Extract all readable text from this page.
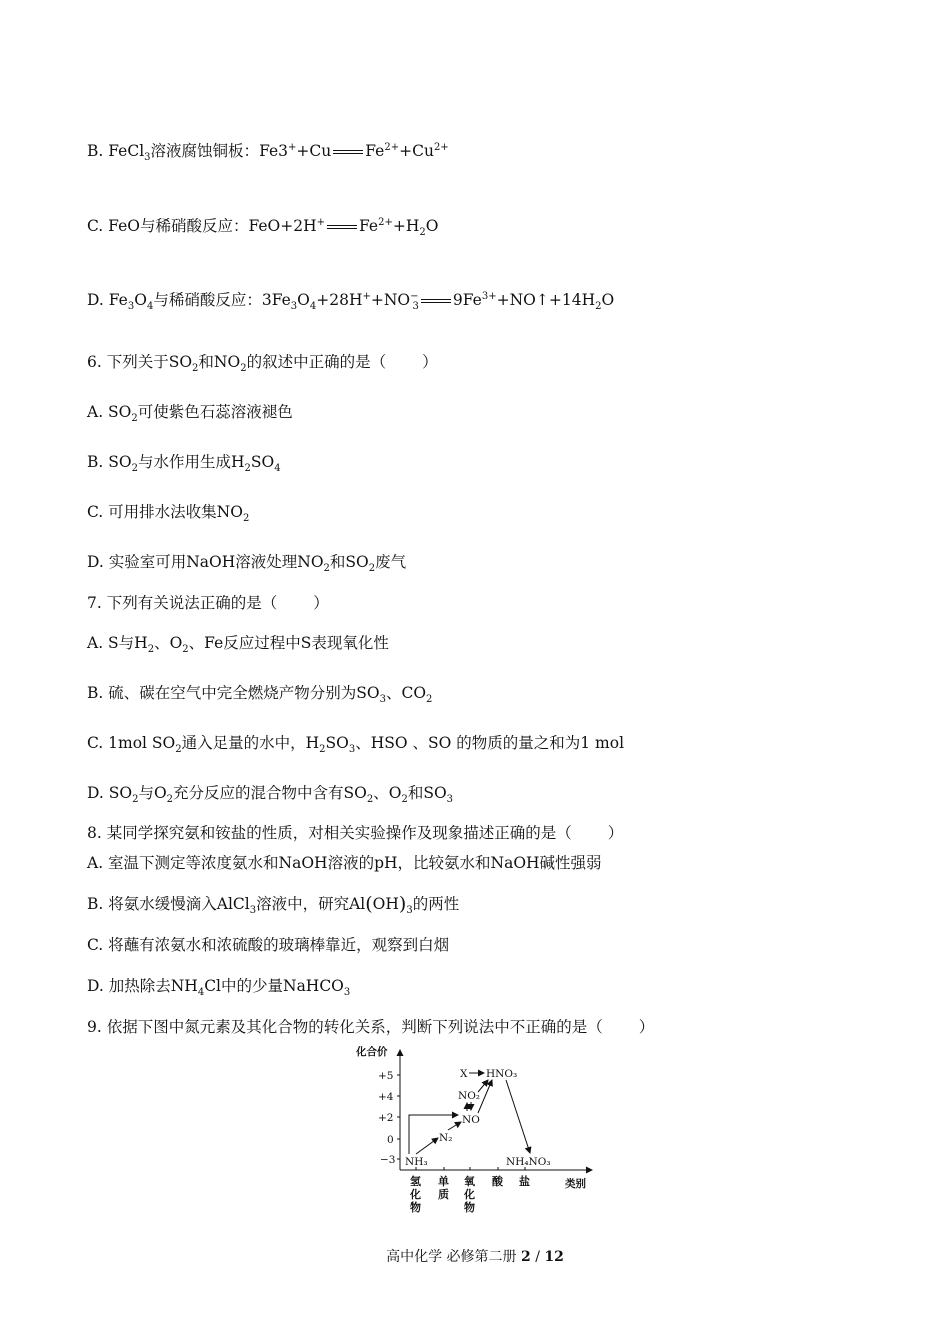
B. FeCl$_3$溶液腐蚀铜板：Fe3++Cu $Fe^{2+}+Cu^{2+}$
C. FeO与稀硝酸反应：FeO+2H+ $Fe^{2+}+H_2O$
D. $Fe_3O_4$与稀硝酸反应：$3Fe_3O_4+28H^++NO^-_3$ $9Fe^{3+}+NO↑+14H_2O$
6. 下列关于$SO_2$和$NO_2$的叙述中正确的是（ ）
A. $SO_2$可使紫色石蕊溶液褪色
B. $SO_2$与水作用生成$H_2SO_4$
C. 可用排水法收集$NO_2$
D. 实验室可用NaOH溶液处理$NO_2$和$SO_2$废气
7. 下列有关说法正确的是（ ）
A. S与$H_2$、$O_2$、Fe反应过程中S表现氧化性
B. 硫、碳在空气中完全燃烧产物分别为$SO_3$、$CO_2$
C. 1mol $SO_2$通入足量的水中，$H_2SO_3$、HSO 、SO 的物质的量之和为1 mol
D. $SO_2$与$O_2$充分反应的混合物中含有$SO_2$、$O_2$和$SO_3$
8. 某同学探究氨和铵盐的性质，对相关实验操作及现象描述正确的是（ ）
A. 室温下测定等浓度氨水和NaOH溶液的pH，比较氨水和NaOH碱性强弱
B. 将氨水缓慢滴入AlCl$_3$溶液中，研究$Al(OH)_3$的两性
C. 将蘸有浓氨水和浓硫酸的玻璃棒靠近，观察到白烟
D. 加热除去$NH_4Cl$中的少量NaHCO$_3$
9. 依据下图中氮元素及其化合物的转化关系，判断下列说法中不正确的是（ ）
化合价
类别
+5
+4
+2
0
−3
氢
化
物
单
质
氧
化
物
酸 盐
X HNO₃
NO₂
NO
N₂
NH₃	NH₄NO₃
高中化学 必修第二册 2 / 12
